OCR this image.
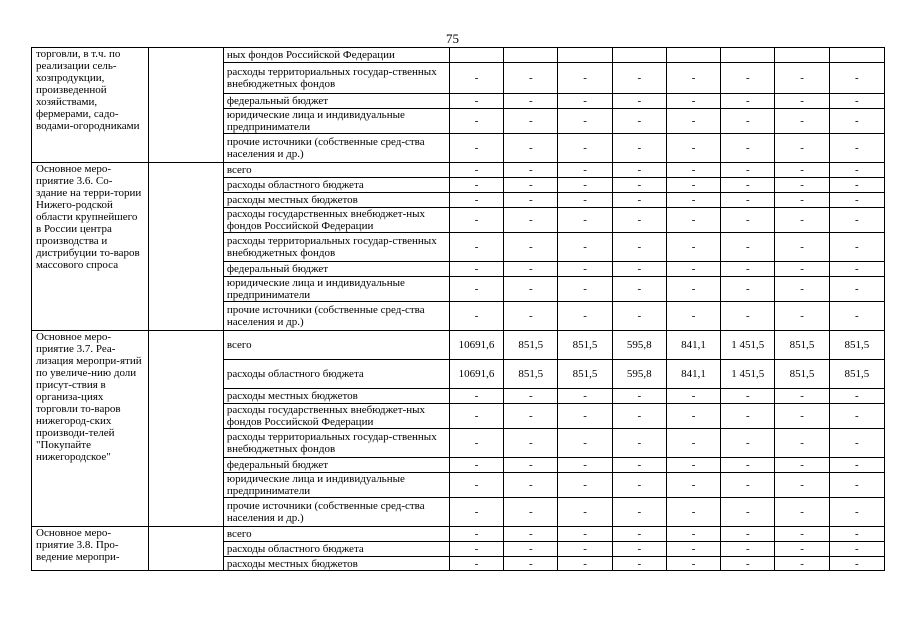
75
торговли, в т.ч. по реализации сель-хозпродукции, произведенной хозяйствами, фермерами, садо-водами-огородниками		ных фондов Российской Федерации								
		расходы территориальных государ-ственных внебюджетных фондов	-	-	-	-	-	-	-	-
		федеральный бюджет	-	-	-	-	-	-	-	-
		юридические лица и индивидуальные предприниматели	-	-	-	-	-	-	-	-
		прочие источники (собственные сред-ства населения и др.)	-	-	-	-	-	-	-	-
Основное меро-приятие 3.6. Со-здание на терри-тории Нижего-родской области крупнейшего в России центра производства и дистрибуции то-варов массового спроса		всего	-	-	-	-	-	-	-	-
		расходы областного бюджета	-	-	-	-	-	-	-	-
		расходы местных бюджетов	-	-	-	-	-	-	-	-
		расходы государственных внебюджет-ных фондов Российской Федерации	-	-	-	-	-	-	-	-
		расходы территориальных государ-ственных внебюджетных фондов	-	-	-	-	-	-	-	-
		федеральный бюджет	-	-	-	-	-	-	-	-
		юридические лица и индивидуальные предприниматели	-	-	-	-	-	-	-	-
		прочие источники (собственные сред-ства населения и др.)	-	-	-	-	-	-	-	-
Основное меро-приятие 3.7. Реа-лизация меропри-ятий по увеличе-нию доли присут-ствия в организа-циях торговли то-варов нижегород-ских производи-телей "Покупайте нижегородское"		всего	10691,6	851,5	851,5	595,8	841,1	1 451,5	851,5	851,5
		расходы областного бюджета	10691,6	851,5	851,5	595,8	841,1	1 451,5	851,5	851,5
		расходы местных бюджетов	-	-	-	-	-	-	-	-
		расходы государственных внебюджет-ных фондов Российской Федерации	-	-	-	-	-	-	-	-
		расходы территориальных государ-ственных внебюджетных фондов	-	-	-	-	-	-	-	-
		федеральный бюджет	-	-	-	-	-	-	-	-
		юридические лица и индивидуальные предприниматели	-	-	-	-	-	-	-	-
		прочие источники (собственные сред-ства населения и др.)	-	-	-	-	-	-	-	-
Основное меро-приятие 3.8. Про-ведение меропри-		всего	-	-	-	-	-	-	-	-
		расходы областного бюджета	-	-	-	-	-	-	-	-
		расходы местных бюджетов	-	-	-	-	-	-	-	-
